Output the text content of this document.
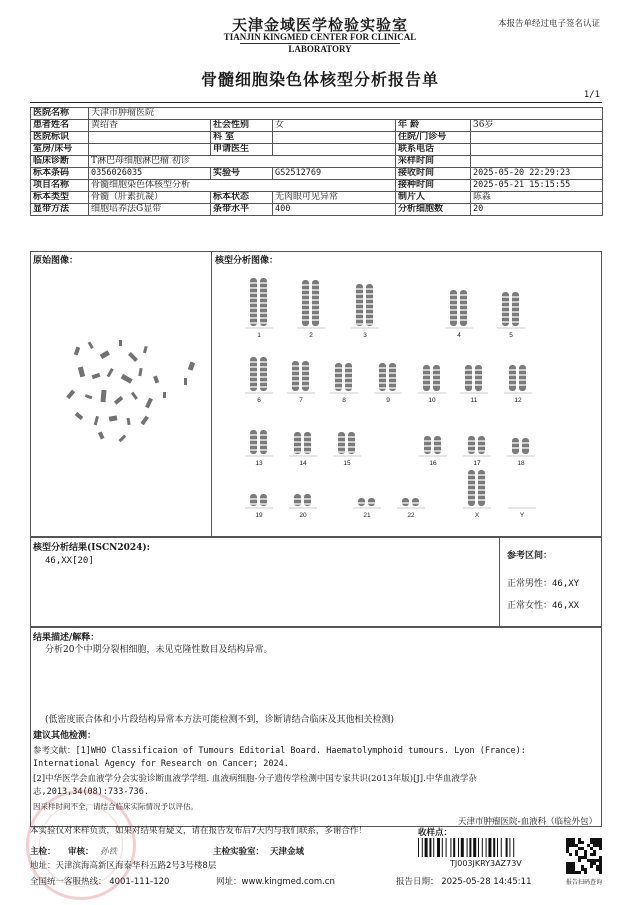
天津金域医学检验实验室
TIANJIN KINGMED CENTER FOR CLINICAL
LABORATORY
本报告单经过电子签名认证
骨髓细胞染色体核型分析报告单
1/1
医院名称	天津市肿瘤医院				
患者姓名	黄绍香	社会性别	女	年 龄	36岁
医院标识		科 室		住院/门诊号	
室房/床号		申请医生		联系电话	
临床诊断	T淋巴母细胞淋巴瘤 初诊			采样时间	
标本条码	0356026035	实验号	GS2512769	接收时间	2025-05-20 22:29:23
项目名称	骨髓细胞染色体核型分析			接种时间	2025-05-21 15:15:55
标本类型	骨髓（肝素抗凝）	标本状态	无肉眼可见异常	制片人	陈淼
显带方法	细胞培养法G显带	条带水平	400	分析细胞数	20
原始图像：	核型分析图像：
1	2	3	4	5
6	7	8	9	10	11	12
13	14	15	16	17	18
19	20	21	22	X	Y
核型分析结果(ISCN2024):
46,XX[20]	参考区间：
正常男性：46,XY
正常女性：46,XX
结果描述/解释：
分析20个中期分裂相细胞，未见克隆性数目及结构异常。
(低密度嵌合体和小片段结构异常本方法可能检测不到，诊断请结合临床及其他相关检测)
建议其他检测：
参考文献：[1]WHO Classificaion of Tumours Editorial Board. Haematolymphoid tumours. Lyon (France):
International Agency for Research on Cancer; 2024.
[2]中华医学会血液学分会实验诊断血液学学组. 血液病细胞-分子遗传学检测中国专家共识(2013年版)[J].中华血液学杂
志,2013,34(08):733-736.
因采样时间不全，请结合临床实际情况予以评估。
本实验仅对来样负责，如果对结果有疑义，请在报告发布后7天内与我们联系，多谢合作！	收样点：
天津市肿瘤医院-血液科（临检外包）
主检： 审核： 孙铁	主检实验室： 天津金域
TJ003JKRY3AZ73V
报告扫码查询
地址：天津滨海高新区海泰华科五路2号3号楼8层
全国统一客服热线： 4001-111-120	网址：www.kingmed.com.cn	报告日期： 2025-05-28 14:45:11
